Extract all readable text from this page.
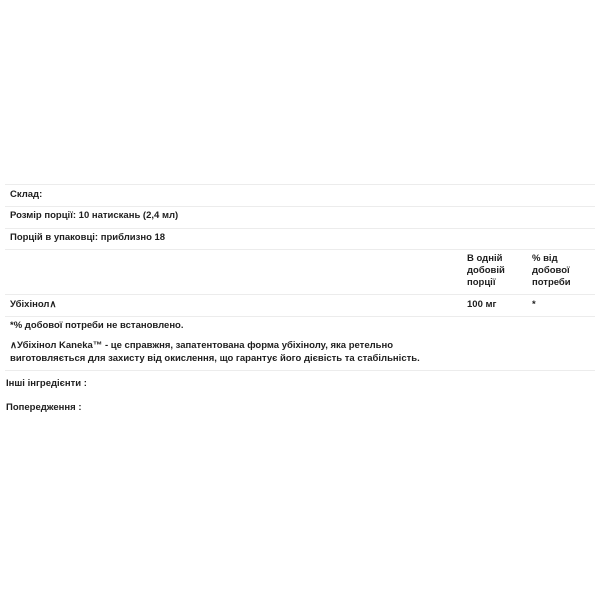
Склад:
Розмір порції: 10 натискань (2,4 мл)
Порцій в упаковці: приблизно 18
В одній
добовій
порції
% від
добової
потреби
Убіхінол∧	100 мг	*
*% добової потреби не встановлено.
∧Убіхінол Kaneka™ - це справжня, запатентована форма убіхінолу, яка ретельно
виготовляється для захисту від окислення, що гарантує його дієвість та стабільність.
Інші інгредієнти :
Попередження :
